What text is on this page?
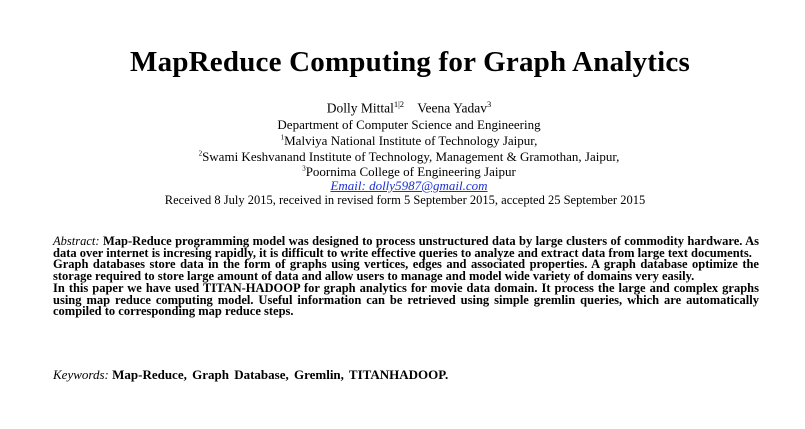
MapReduce Computing for Graph Analytics
Dolly Mittal$^{1|2}$ Veena Yadav$^3$
Department of Computer Science and Engineering
$^1$Malviya National Institute of Technology Jaipur,
$^2$Swami Keshvanand Institute of Technology, Management & Gramothan, Jaipur,
$^3$Poornima College of Engineering Jaipur
Email: dolly5987@gmail.com
Received 8 July 2015, received in revised form 5 September 2015, accepted 25 September 2015

Abstract: Map-Reduce programming model was designed to process unstructured data by large clusters of commodity hardware. As data over internet is incresing rapidly, it is difficult to write effective queries to analyze and extract data from large text documents.

Graph databases store data in the form of graphs using vertices, edges and associated properties. A graph database optimize the storage required to store large amount of data and allow users to manage and model wide variety of domains very easily.

In this paper we have used TITAN-HADOOP for graph analytics for movie data domain. It process the large and complex graphs using map reduce computing model. Useful information can be retrieved using simple gremlin queries, which are automatically compiled to corresponding map reduce steps.

Keywords: Map-Reduce, Graph Database, Gremlin, TITANHADOOP.
